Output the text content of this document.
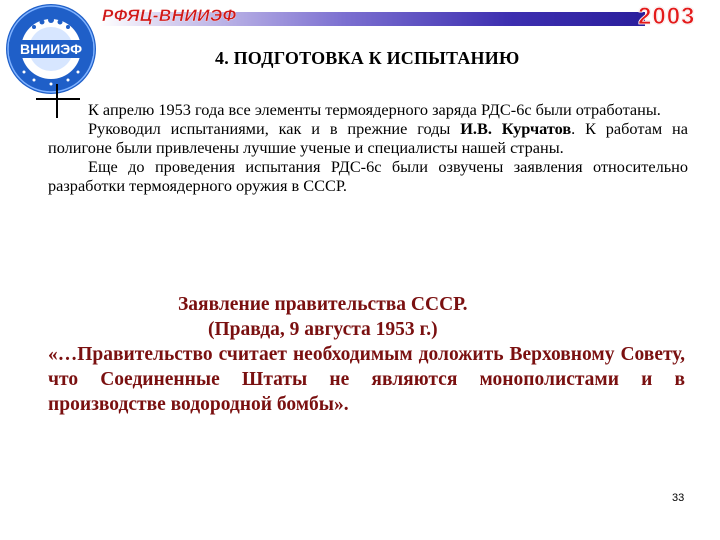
РФЯЦ-ВНИИЭФ	2003
ВНИИЭФ	4. ПОДГОТОВКА К ИСПЫТАНИЮ

К апрелю 1953 года все элементы термоядерного заряда РДС-6с были отработаны.

Руководил испытаниями, как и в прежние годы И.В. Курчатов. К работам на полигоне были привлечены лучшие ученые и специалисты нашей страны.

Еще до проведения испытания РДС-6с были озвучены заявления относительно разработки термоядерного оружия в СССР.

Заявление правительства СССР.
(Правда, 9 августа 1953 г.)
«…Правительство считает необходимым доложить Верховному Совету, что Соединенные Штаты не являются монополистами и в производстве водородной бомбы».
33
